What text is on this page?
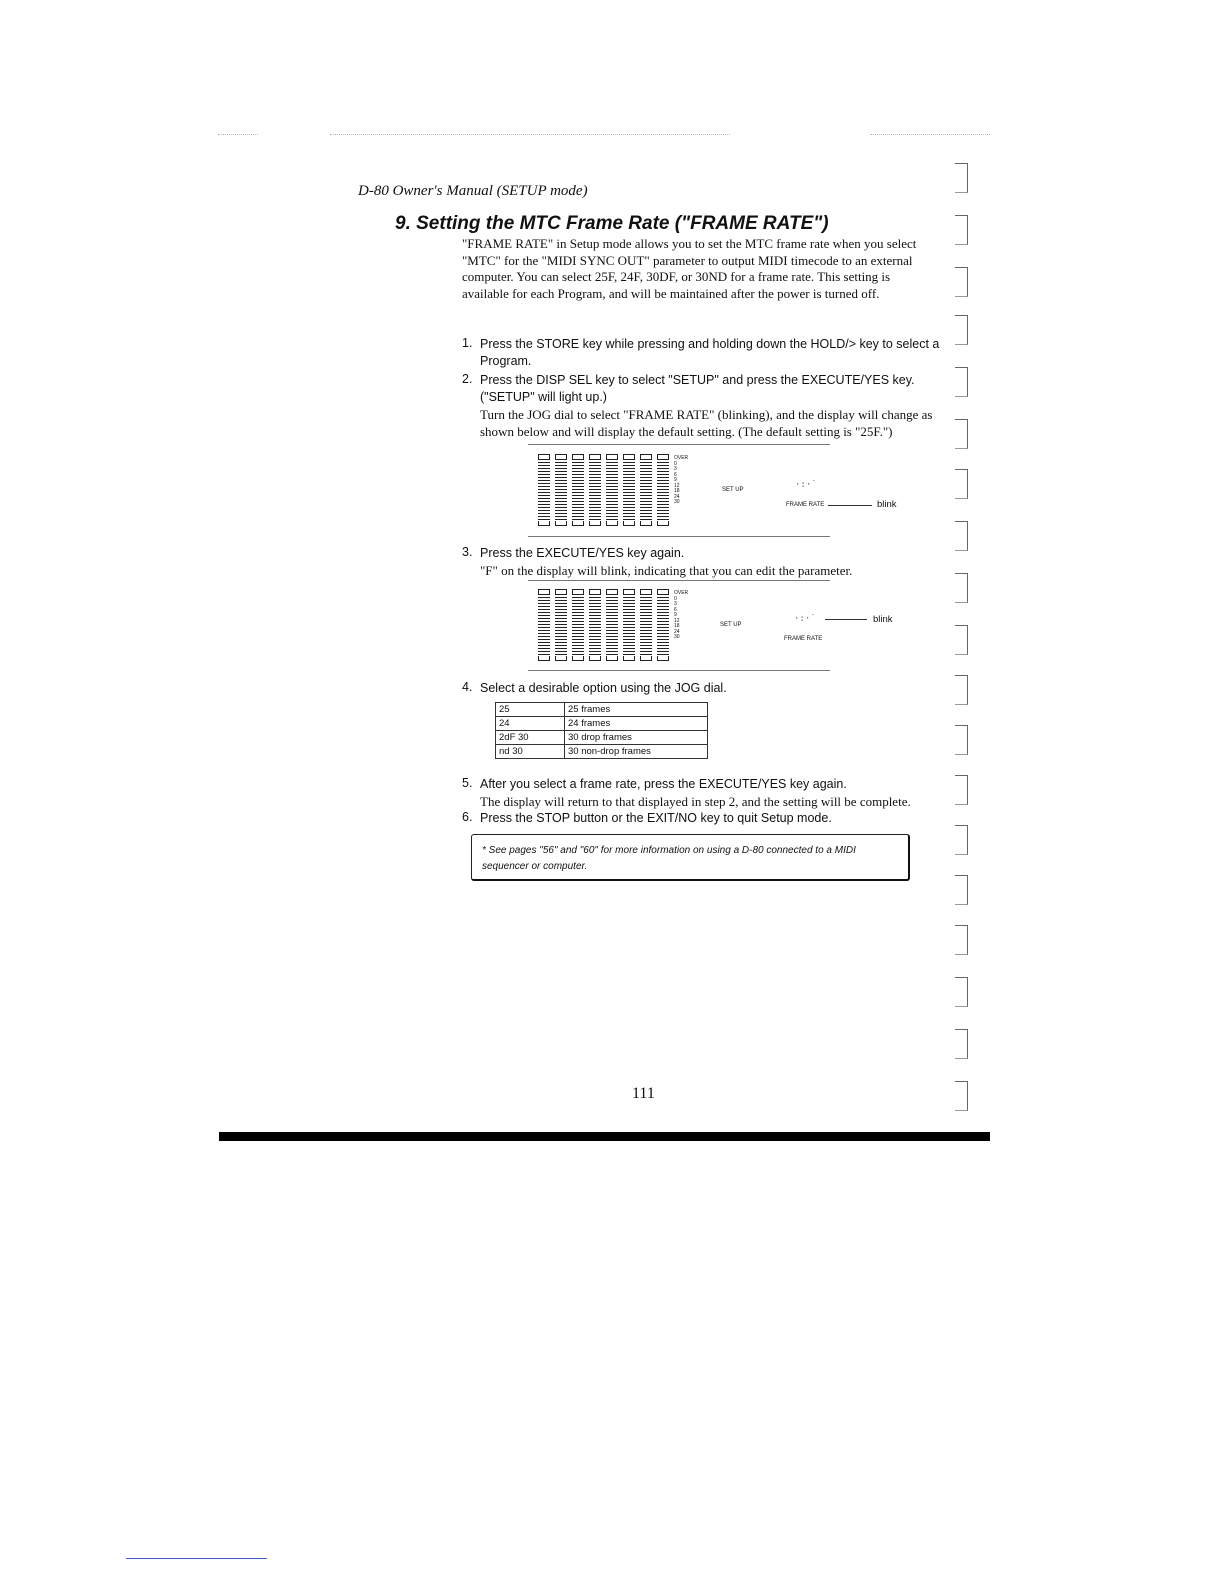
D-80 Owner's Manual (SETUP mode)
9. Setting the MTC Frame Rate ("FRAME RATE")
"FRAME RATE" in Setup mode allows you to set the MTC frame rate when you select "MTC" for the "MIDI SYNC OUT" parameter to output MIDI timecode to an external computer. You can select 25F, 24F, 30DF, or 30ND for a frame rate. This setting is available for each Program, and will be maintained after the power is turned off.
1. Press the STORE key while pressing and holding down the HOLD/> key to select a Program.
2. Press the DISP SEL key to select "SETUP" and press the EXECUTE/YES key.
("SETUP" will light up.)
Turn the JOG dial to select "FRAME RATE" (blinking), and the display will change as shown below and will display the default setting. (The default setting is "25F.")
OVER
0
3
6
9
12
18
24
30
SET UP	·:·˙
FRAME RATE	blink
3. Press the EXECUTE/YES key again.
"F" on the display will blink, indicating that you can edit the parameter.
OVER
0
3
6
9
12
18
24
30
SET UP
·:·˙	blink
FRAME RATE
4. Select a desirable option using the JOG dial.
25	25 frames
24	24 frames
2dF 30	30 drop frames
nd 30	30 non-drop frames
5. After you select a frame rate, press the EXECUTE/YES key again.
The display will return to that displayed in step 2, and the setting will be complete.
6. Press the STOP button or the EXIT/NO key to quit Setup mode.
* See pages "56" and "60" for more information on using a D-80 connected to a MIDI sequencer or computer.
111
